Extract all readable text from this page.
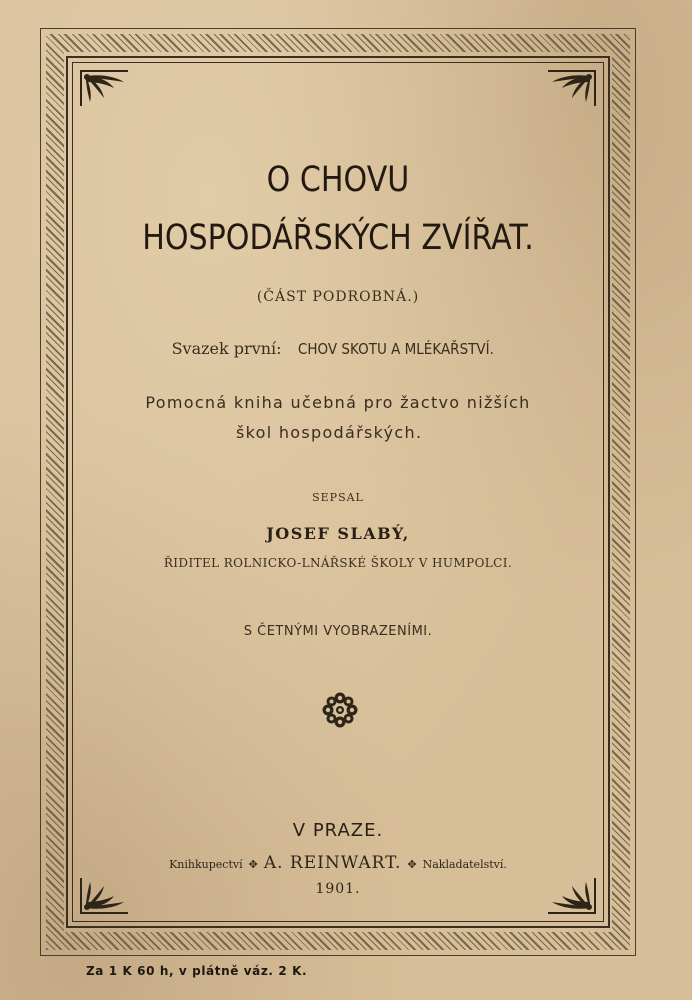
O CHOVU
HOSPODÁŘSKÝCH ZVÍŘAT.
(ČÁST PODROBNÁ.)
Svazek první: CHOV SKOTU A MLÉKAŘSTVÍ.
Pomocná kniha učebná pro žactvo nižších
škol hospodářských.
SEPSAL
JOSEF SLABÝ,
ŘIDITEL ROLNICKO-LNÁŘSKÉ ŠKOLY V HUMPOLCI.
S ČETNÝMI VYOBRAZENÍMI.
V PRAZE.
Knihkupectví ✥ A. REINWART. ✥ Nakladatelství.
1901.
Za 1 K 60 h, v plátně váz. 2 K.
